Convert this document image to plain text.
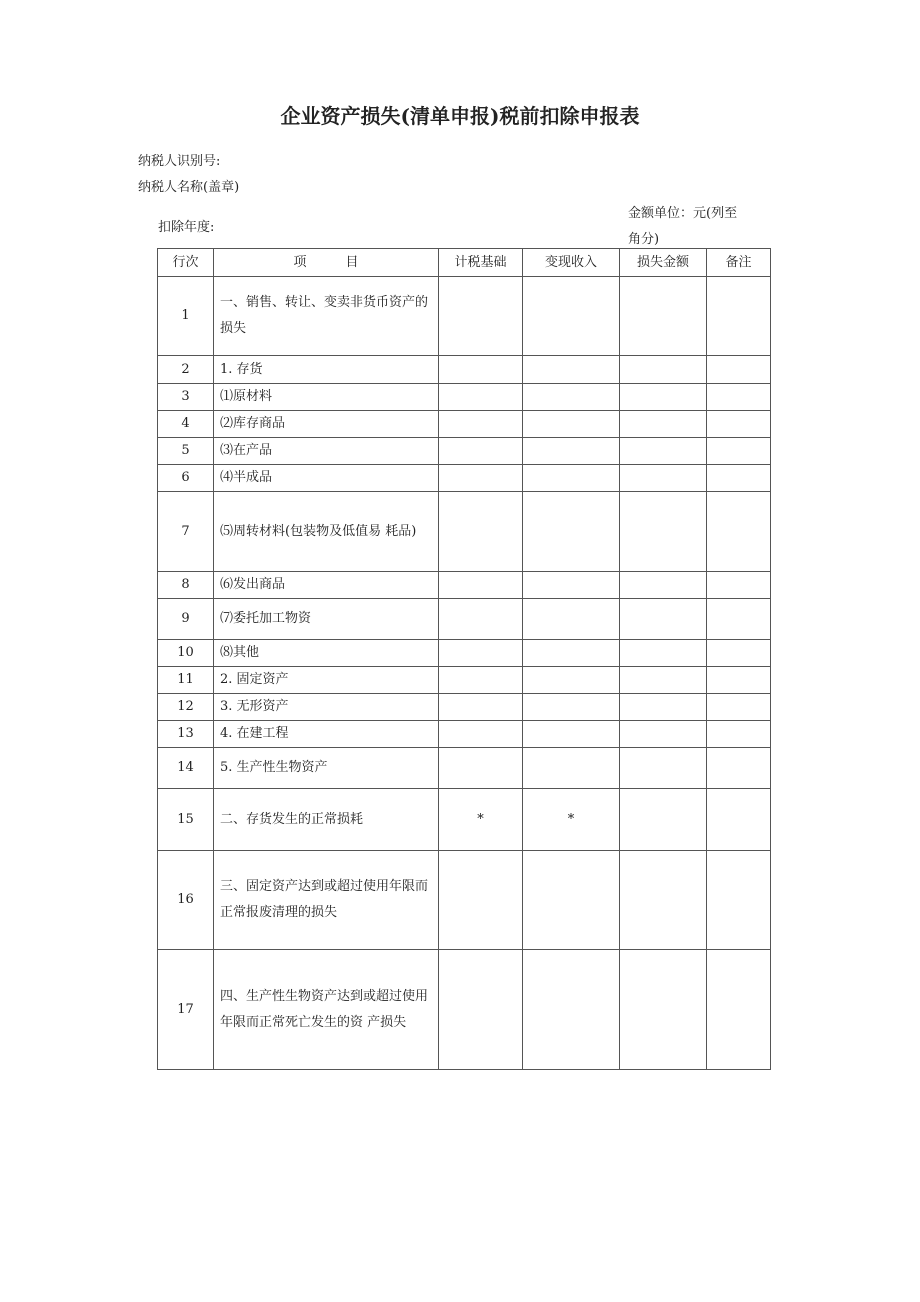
企业资产损失(清单申报)税前扣除申报表
纳税人识别号:
纳税人名称(盖章)
扣除年度:
金额单位：元(列至
角分)
行次	项　　　目	计税基础	变现收入	损失金额	备注
1	一、销售、转让、变卖非货币资产的损失				
2	1. 存货				
3	⑴原材料				
4	⑵库存商品				
5	⑶在产品				
6	⑷半成品				
7	⑸周转材料(包装物及低值易 耗品)				
8	⑹发出商品				
9	⑺委托加工物资				
10	⑻其他				
11	2. 固定资产				
12	3. 无形资产				
13	4. 在建工程				
14	5. 生产性生物资产				
15	二、存货发生的正常损耗	*	*		
16	三、固定资产达到或超过使用年限而正常报废清理的损失				
17	四、生产性生物资产达到或超过使用年限而正常死亡发生的资 产损失				
